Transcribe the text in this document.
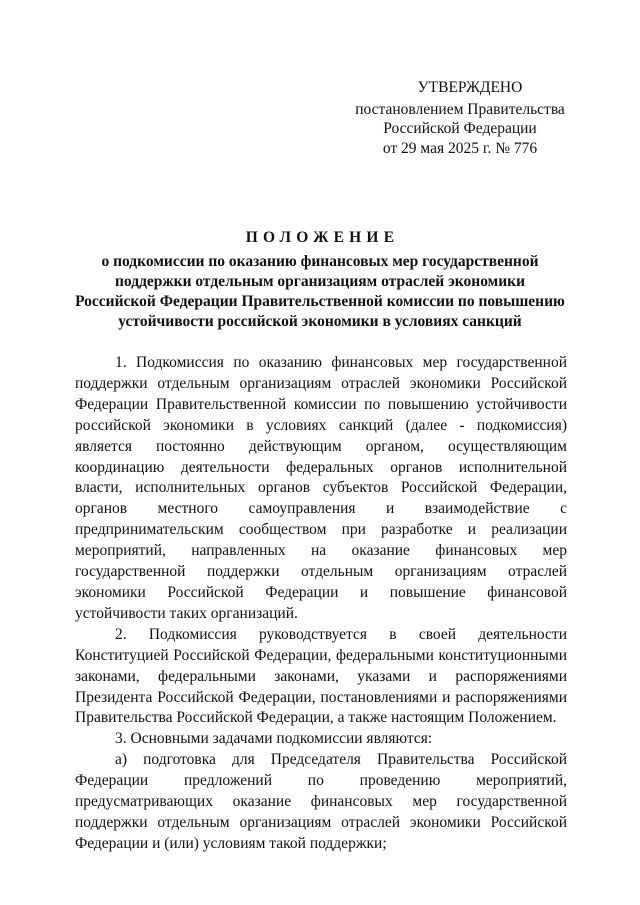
УТВЕРЖДЕНО
постановлением Правительства
Российской Федерации
от 29 мая 2025 г. № 776
ПОЛОЖЕНИЕ
о подкомиссии по оказанию финансовых мер государственной
поддержки отдельным организациям отраслей экономики
Российской Федерации Правительственной комиссии по повышению
устойчивости российской экономики в условиях санкций

1. Подкомиссия по оказанию финансовых мер государственной поддержки отдельным организациям отраслей экономики Российской Федерации Правительственной комиссии по повышению устойчивости российской экономики в условиях санкций (далее - подкомиссия) является постоянно действующим органом, осуществляющим координацию деятельности федеральных органов исполнительной власти, исполнительных органов субъектов Российской Федерации, органов местного самоуправления и взаимодействие с предпринимательским сообществом при разработке и реализации мероприятий, направленных на оказание финансовых мер государственной поддержки отдельным организациям отраслей экономики Российской Федерации и повышение финансовой устойчивости таких организаций.

2. Подкомиссия руководствуется в своей деятельности Конституцией Российской Федерации, федеральными конституционными законами, федеральными законами, указами и распоряжениями Президента Российской Федерации, постановлениями и распоряжениями Правительства Российской Федерации, а также настоящим Положением.

3. Основными задачами подкомиссии являются:

а) подготовка для Председателя Правительства Российской Федерации предложений по проведению мероприятий, предусматривающих оказание финансовых мер государственной поддержки отдельным организациям отраслей экономики Российской Федерации и (или) условиям такой поддержки;
